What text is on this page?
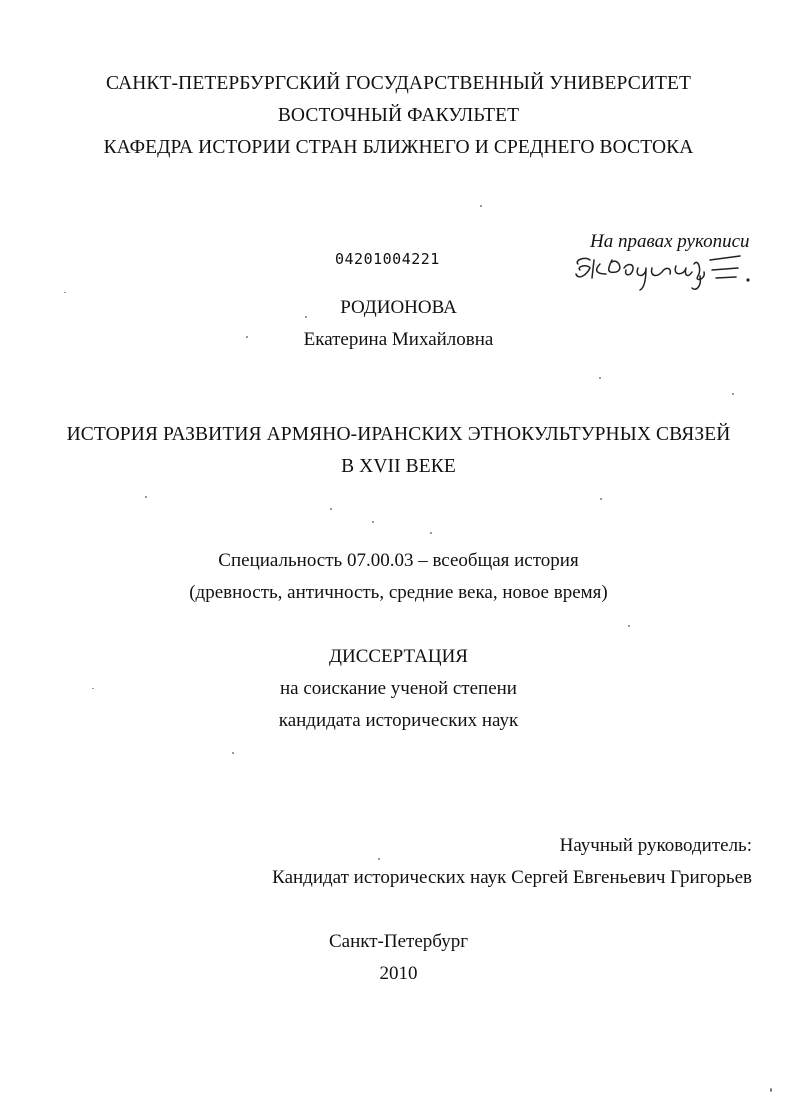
САНКТ-ПЕТЕРБУРГСКИЙ ГОСУДАРСТВЕННЫЙ УНИВЕРСИТЕТ
ВОСТОЧНЫЙ ФАКУЛЬТЕТ
КАФЕДРА ИСТОРИИ СТРАН БЛИЖНЕГО И СРЕДНЕГО ВОСТОКА
На правах рукописи
04201004221
РОДИОНОВА
Екатерина Михайловна
ИСТОРИЯ РАЗВИТИЯ АРМЯНО-ИРАНСКИХ ЭТНОКУЛЬТУРНЫХ СВЯЗЕЙ
В XVII ВЕКЕ
Специальность 07.00.03 – всеобщая история
(древность, античность, средние века, новое время)
ДИССЕРТАЦИЯ
на соискание ученой степени
кандидата исторических наук
Научный руководитель:
Кандидат исторических наук Сергей Евгеньевич Григорьев
Санкт-Петербург
2010
